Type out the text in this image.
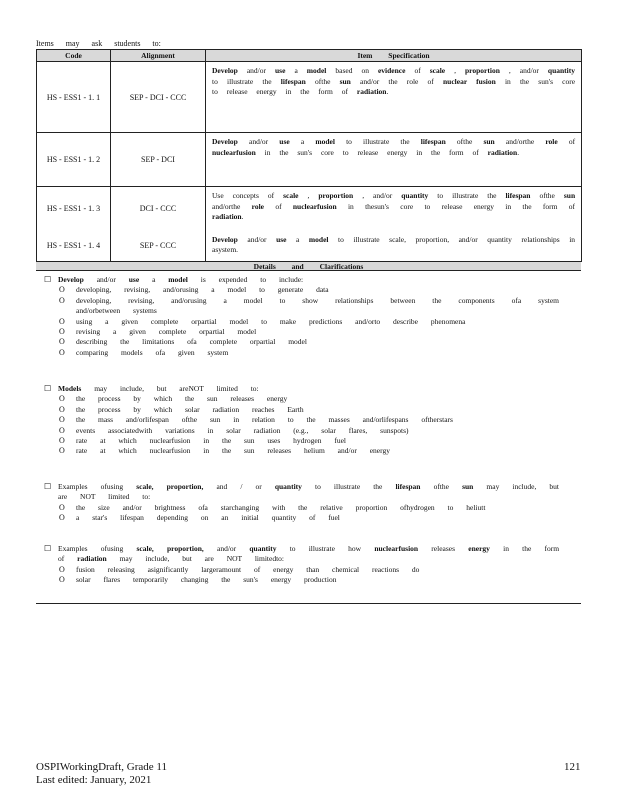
Items may ask students to:
Code	Alignment	Item Specification
HS - ESS1 - 1. 1	SEP - DCI - CCC	Develop and/or use a model based on evidence of scale , proportion , and/or quantity to illustrate the lifespan ofthe sun and/or the role of nuclear fusion in the sun's core to release energy in the form of radiation.
HS - ESS1 - 1. 2	SEP - DCI	Develop and/or use a model to illustrate the lifespan ofthe sun and/orthe role of nuclearfusion in the sun's core to release energy in the form of radiation.
HS - ESS1 - 1. 3	DCI - CCC	Use concepts of scale , proportion , and/or quantity to illustrate the lifespan ofthe sun and/orthe role of nuclearfusion in thesun's core to release energy in the form of radiation.
HS - ESS1 - 1. 4	SEP - CCC	Develop and/or use a model to illustrate scale, proportion, and/or quantity relationships in asystem.
Details and Clarifications
☐ Develop and/or use a model is expended to include:
O developing, revising, and/orusing a model to generate data
O developing, revising, and/orusing a model to show relationships between the components ofa system and/orbetween systems
O using a given complete orpartial model to make predictions and/orto describe phenomena
O revising a given complete orpartial model
O describing the limitations ofa complete orpartial model
O comparing models ofa given system
☐ Models may include, but areNOT limited to:
O the process by which the sun releases energy
O the process by which solar radiation reaches Earth
O the mass and/orlifespan ofthe sun in relation to the masses and/orlifespans oftherstars
O events associatedwith variations in solar radiation (e.g., solar flares, sunspots)
O rate at which nuclearfusion in the sun uses hydrogen fuel
O rate at which nuclearfusion in the sun releases helium and/or energy
☐ Examples ofusing scale, proportion, and / or quantity to illustrate the lifespan ofthe sun may include, but are NOT limited to:
O the size and/or brightness ofa starchanging with the relative proportion ofhydrogen to heliutt
O a star's lifespan depending on an initial quantity of fuel
☐ Examples ofusing scale, proportion, and/or quantity to illustrate how nuclearfusion releases energy in the form of radiation may include, but are NOT limitedto:
O fusion releasing asignificantly largeramount of energy than chemical reactions do
O solar flares temporarily changing the sun's energy production
OSPIWorkingDraft, Grade 11
Last edited: January, 2021
121
